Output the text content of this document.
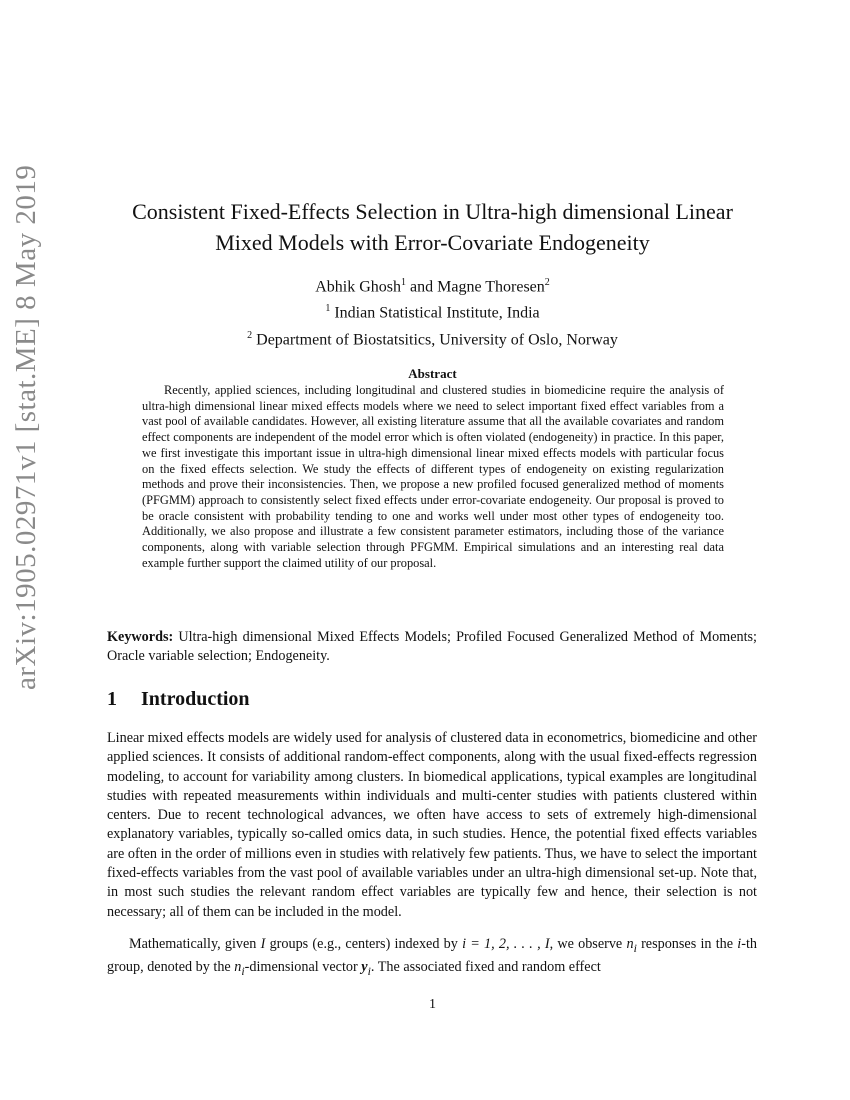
arXiv:1905.02971v1 [stat.ME] 8 May 2019	Consistent Fixed-Effects Selection in Ultra-high dimensional Linear
Mixed Models with Error-Covariate Endogeneity
Abhik Ghosh$^1$ and Magne Thoresen$^2$
$^1$ Indian Statistical Institute, India
$^2$ Department of Biostatsitics, University of Oslo, Norway
Abstract
Recently, applied sciences, including longitudinal and clustered studies in biomedicine require the analysis of ultra-high dimensional linear mixed effects models where we need to select important fixed effect variables from a vast pool of available candidates. However, all existing literature assume that all the available covariates and random effect components are independent of the model error which is often violated (endogeneity) in practice. In this paper, we first investigate this important issue in ultra-high dimensional linear mixed effects models with particular focus on the fixed effects selection. We study the effects of different types of endogeneity on existing regularization methods and prove their inconsistencies. Then, we propose a new profiled focused generalized method of moments (PFGMM) approach to consistently select fixed effects under error-covariate endogeneity. Our proposal is proved to be oracle consistent with probability tending to one and works well under most other types of endogeneity too. Additionally, we also propose and illustrate a few consistent parameter estimators, including those of the variance components, along with variable selection through PFGMM. Empirical simulations and an interesting real data example further support the claimed utility of our proposal.
Keywords: Ultra-high dimensional Mixed Effects Models; Profiled Focused Generalized Method of Moments; Oracle variable selection; Endogeneity.
1 Introduction
Linear mixed effects models are widely used for analysis of clustered data in econometrics, biomedicine and other applied sciences. It consists of additional random-effect components, along with the usual fixed-effects regression modeling, to account for variability among clusters. In biomedical applications, typical examples are longitudinal studies with repeated measurements within individuals and multi-center studies with patients clustered within centers. Due to recent technological advances, we often have access to sets of extremely high-dimensional explanatory variables, typically so-called omics data, in such studies. Hence, the potential fixed effects variables are often in the order of millions even in studies with relatively few patients. Thus, we have to select the important fixed-effects variables from the vast pool of available variables under an ultra-high dimensional set-up. Note that, in most such studies the relevant random effect variables are typically few and hence, their selection is not necessary; all of them can be included in the model.
Mathematically, given I groups (e.g., centers) indexed by i = 1, 2, . . . , I, we observe $n_i$ responses in the i-th group, denoted by the $n_i$-dimensional vector $y_i$. The associated fixed and random effect
1
